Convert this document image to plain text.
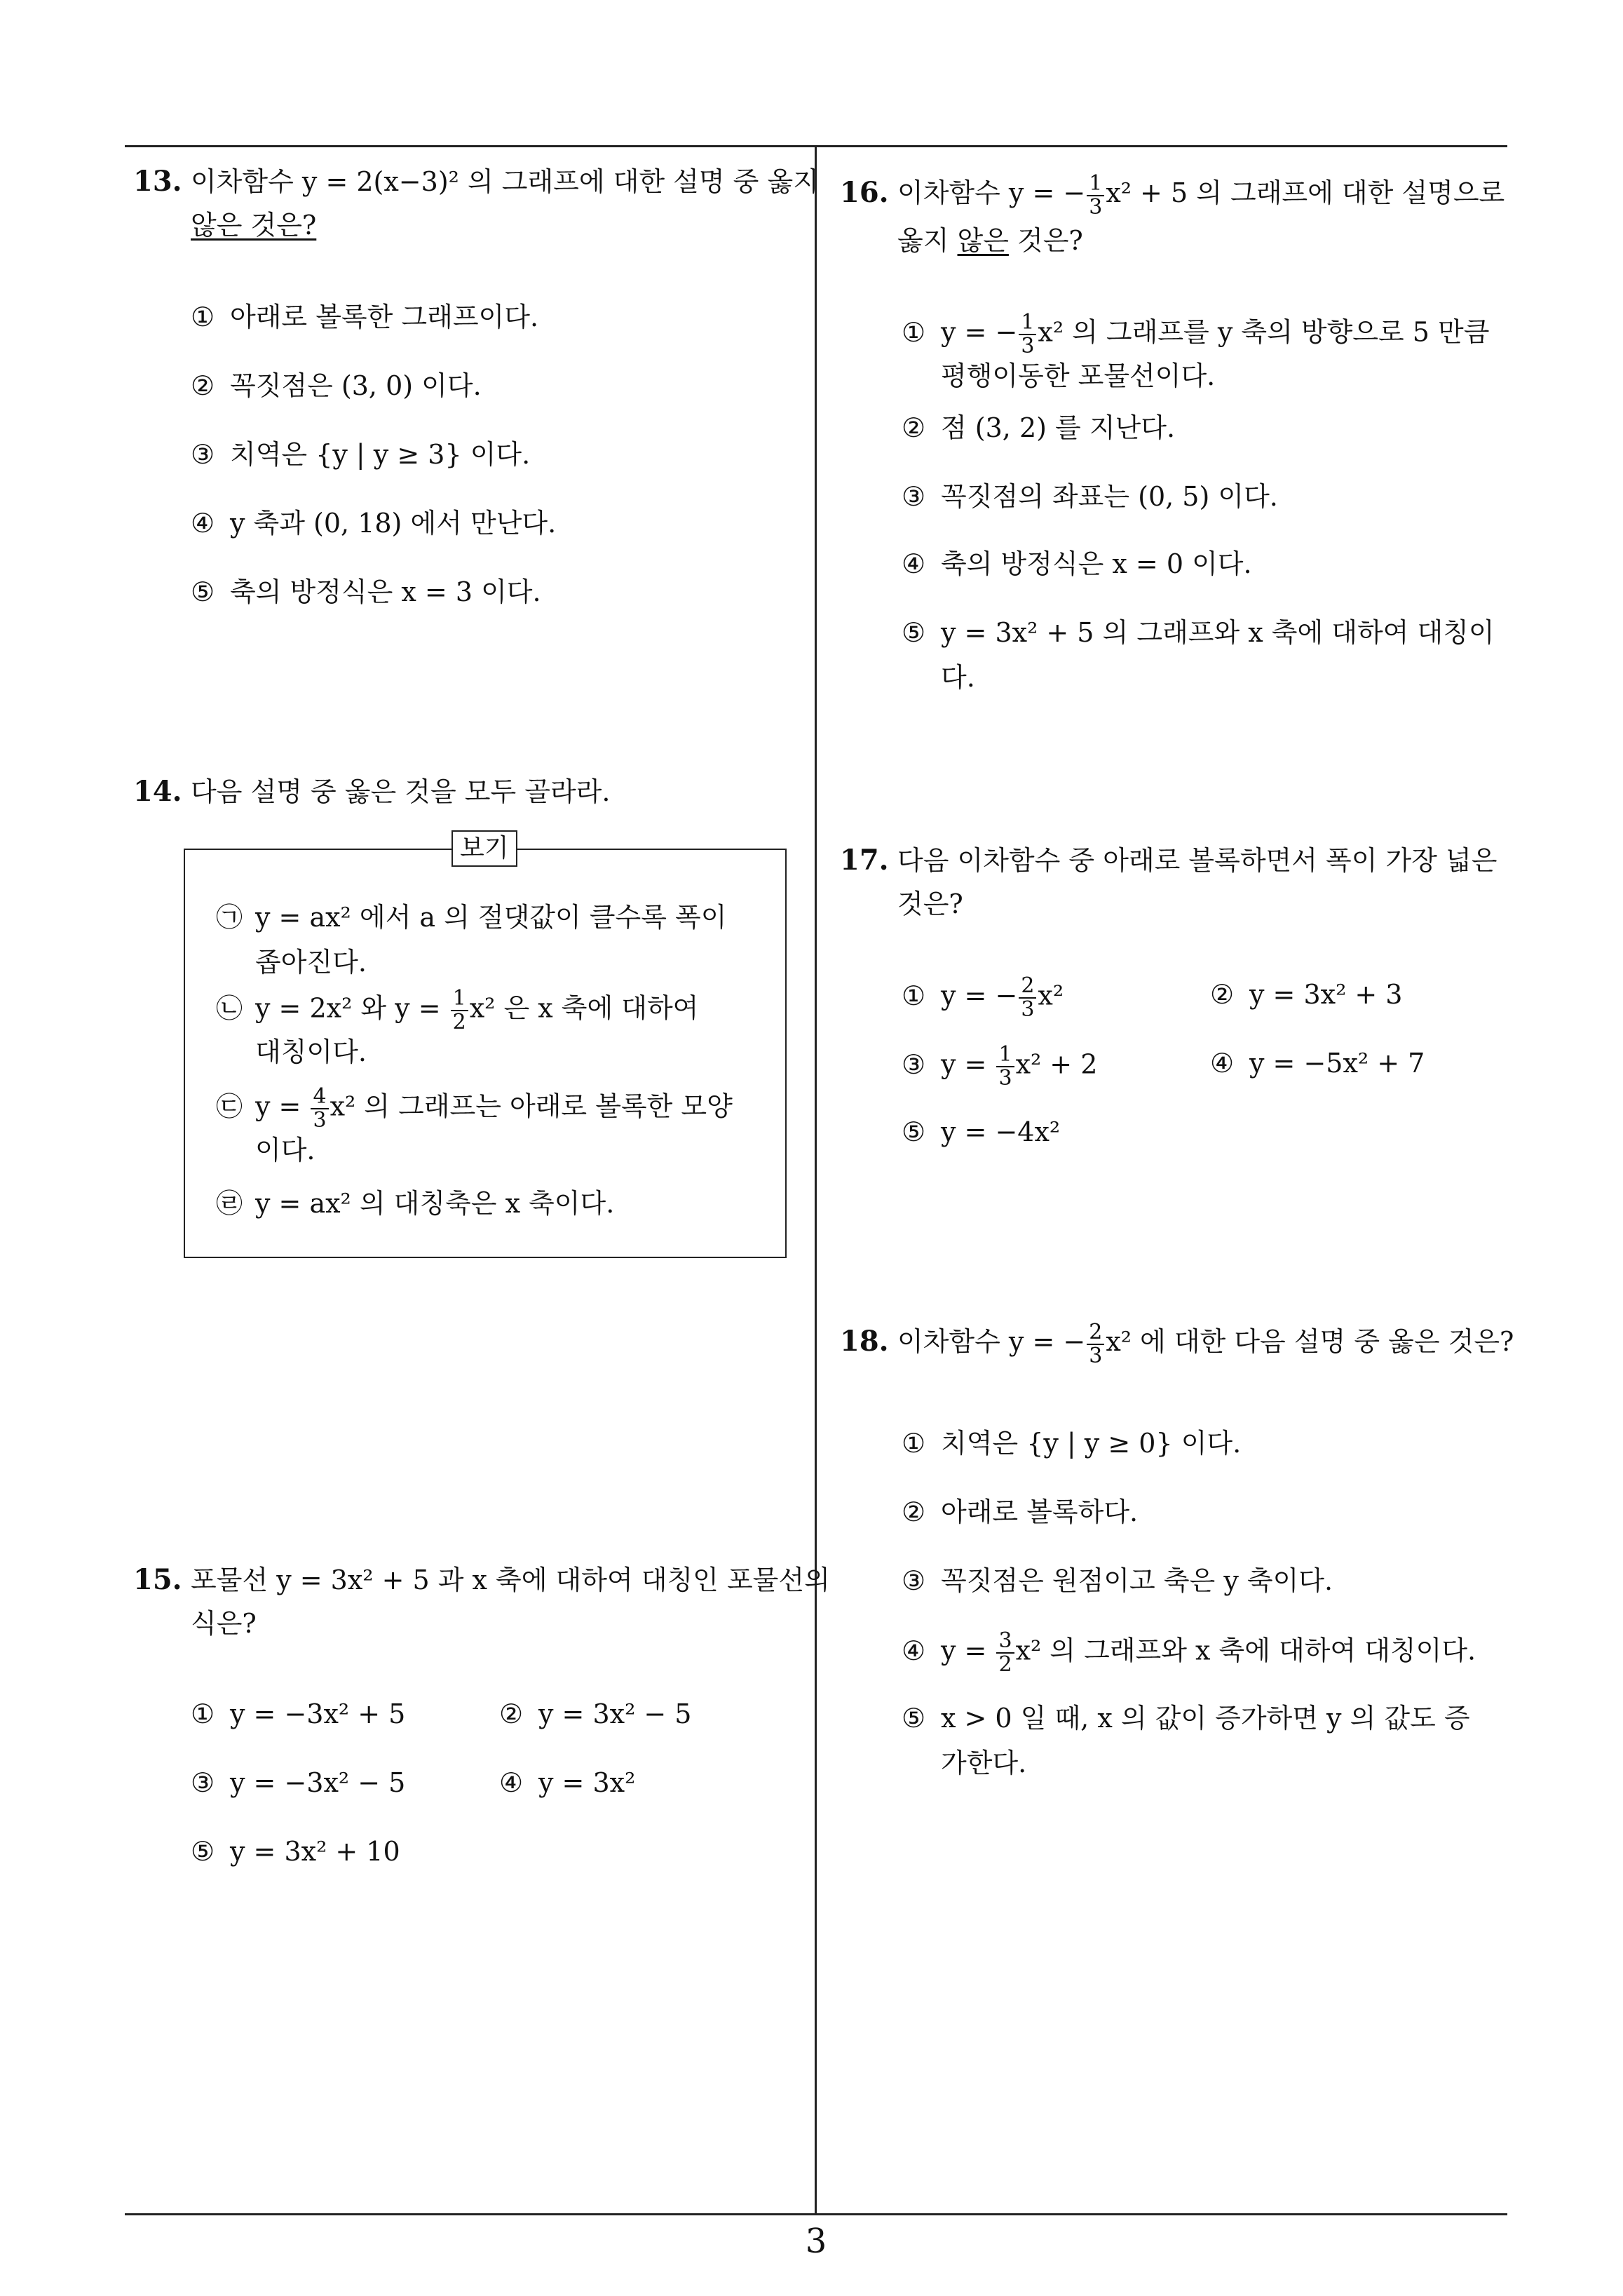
3
13. 이차함수 y = 2(x−3)² 의 그래프에 대한 설명 중 옳지
않은 것은?
① 아래로 볼록한 그래프이다.
② 꼭짓점은 (3, 0) 이다.
③ 치역은 {y | y ≥ 3} 이다.
④ y 축과 (0, 18) 에서 만난다.
⑤ 축의 방정식은 x = 3 이다.
14. 다음 설명 중 옳은 것을 모두 골라라.
보기
㉠ y = ax² 에서 a 의 절댓값이 클수록 폭이
좁아진다.
㉡ y = 2x² 와 $y = \frac{1}{2} x^2$ 은 x 축에 대하여
대칭이다.
㉢ $y = \frac{4}{3} x^2$ 의 그래프는 아래로 볼록한 모양
이다.
㉣ y = ax² 의 대칭축은 x 축이다.
15. 포물선 y = 3x² + 5 과 x 축에 대하여 대칭인 포물선의
식은?
① y = −3x² + 5	② y = 3x² − 5
③ y = −3x² − 5	④ y = 3x²
⑤ y = 3x² + 10
16. 이차함수 y = − $\frac{1}{3} x^2 + 5$ 의 그래프에 대한 설명으로
옳지 않은 것은?
① y = − $\frac{1}{3} x^2$ 의 그래프를 y 축의 방향으로 5 만큼
평행이동한 포물선이다.
② 점 (3, 2) 를 지난다.
③ 꼭짓점의 좌표는 (0, 5) 이다.
④ 축의 방정식은 x = 0 이다.
⑤ y = 3x² + 5 의 그래프와 x 축에 대하여 대칭이
다.
17. 다음 이차함수 중 아래로 볼록하면서 폭이 가장 넓은
것은?
① y = − $\frac{2}{3} x^2$	② y = 3x² + 3
③ $y = \frac{1}{3} x^2 + 2$	④ y = −5x² + 7
⑤ y = −4x²
18. 이차함수 y = − $\frac{2}{3} x^2$ 에 대한 다음 설명 중 옳은 것은?
① 치역은 {y | y ≥ 0} 이다.
② 아래로 볼록하다.
③ 꼭짓점은 원점이고 축은 y 축이다.
④ $y = \frac{3}{2} x^2$ 의 그래프와 x 축에 대하여 대칭이다.
⑤ x > 0 일 때, x 의 값이 증가하면 y 의 값도 증
가한다.
